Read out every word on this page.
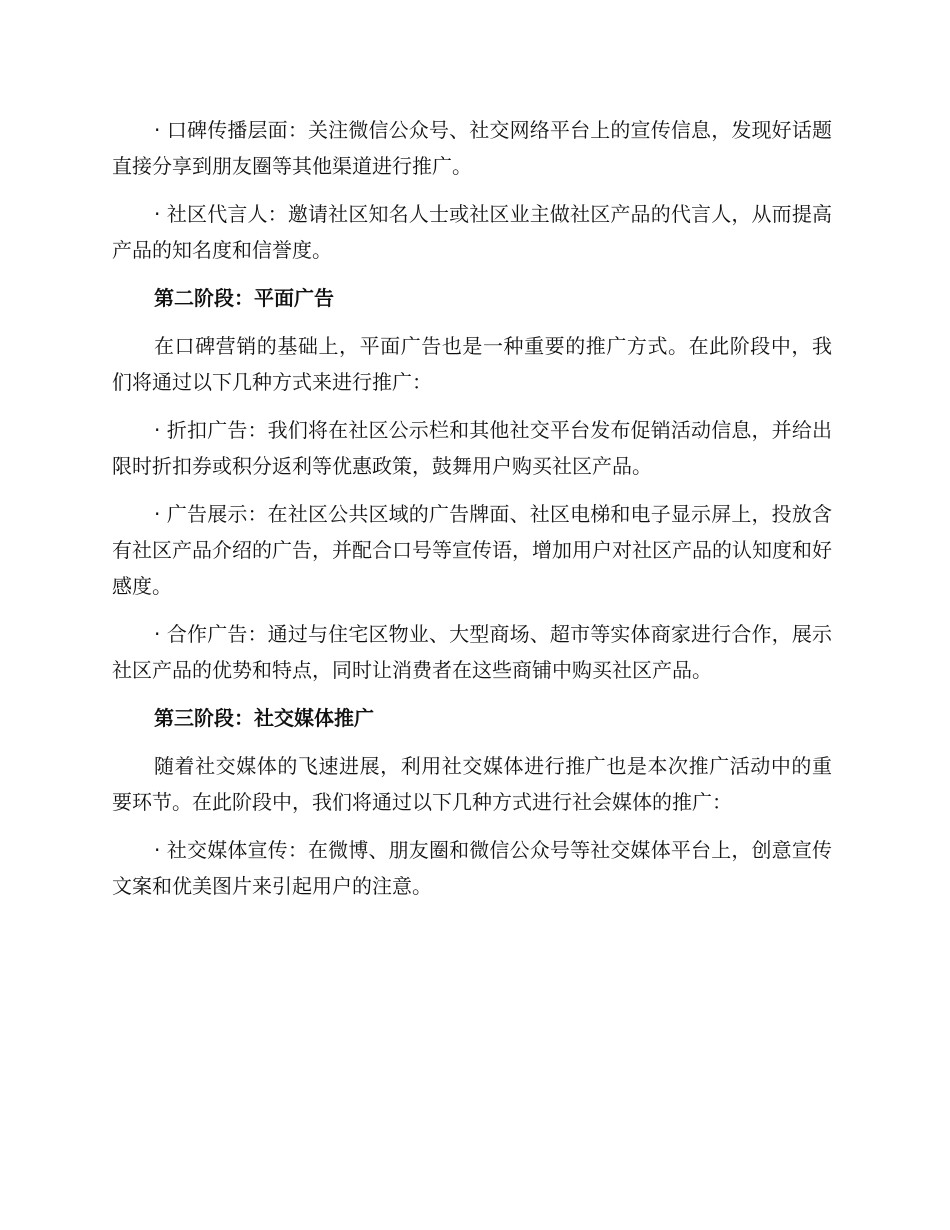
· 口碑传播层面：关注微信公众号、社交网络平台上的宣传信息，发现好话题直接分享到朋友圈等其他渠道进行推广。

· 社区代言人：邀请社区知名人士或社区业主做社区产品的代言人，从而提高产品的知名度和信誉度。

第二阶段：平面广告

在口碑营销的基础上，平面广告也是一种重要的推广方式。在此阶段中，我们将通过以下几种方式来进行推广：

· 折扣广告：我们将在社区公示栏和其他社交平台发布促销活动信息，并给出限时折扣券或积分返利等优惠政策，鼓舞用户购买社区产品。

· 广告展示：在社区公共区域的广告牌面、社区电梯和电子显示屏上，投放含有社区产品介绍的广告，并配合口号等宣传语，增加用户对社区产品的认知度和好感度。

· 合作广告：通过与住宅区物业、大型商场、超市等实体商家进行合作，展示社区产品的优势和特点，同时让消费者在这些商铺中购买社区产品。

第三阶段：社交媒体推广

随着社交媒体的飞速进展，利用社交媒体进行推广也是本次推广活动中的重要环节。在此阶段中，我们将通过以下几种方式进行社会媒体的推广：

· 社交媒体宣传：在微博、朋友圈和微信公众号等社交媒体平台上，创意宣传文案和优美图片来引起用户的注意。
